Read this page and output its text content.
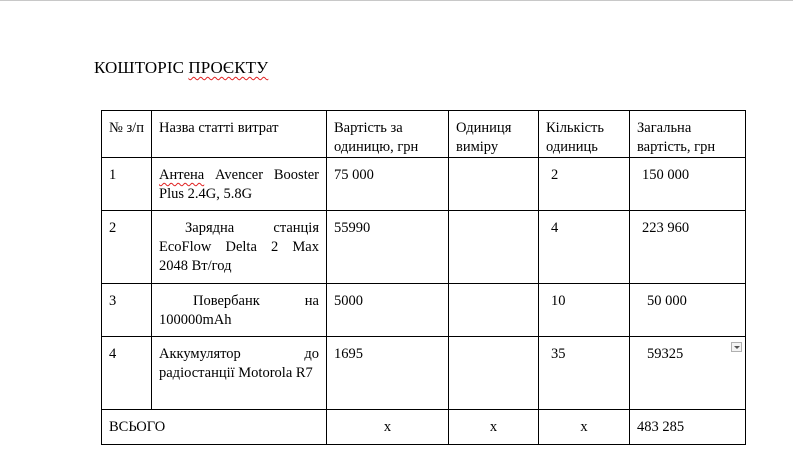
КОШТОРІС ПРОЄКТУ
№ з/п	Назва статті витрат	Вартість за одиницю, грн	Одиниця виміру	Кількість одиниць	Загальна вартість, грн
1	Антена Avencer Booster Plus 2.4G, 5.8G	75 000		2	150 000
2	Зарядна станція EcoFlow Delta 2 Max 2048 Вт/год	55990		4	223 960
3	Повербанк на 100000mAh	5000		10	50 000
4	Аккумулятор до радіостанції Motorola R7	1695		35	59325

ВСЬОГО		x	x	x	483 285
